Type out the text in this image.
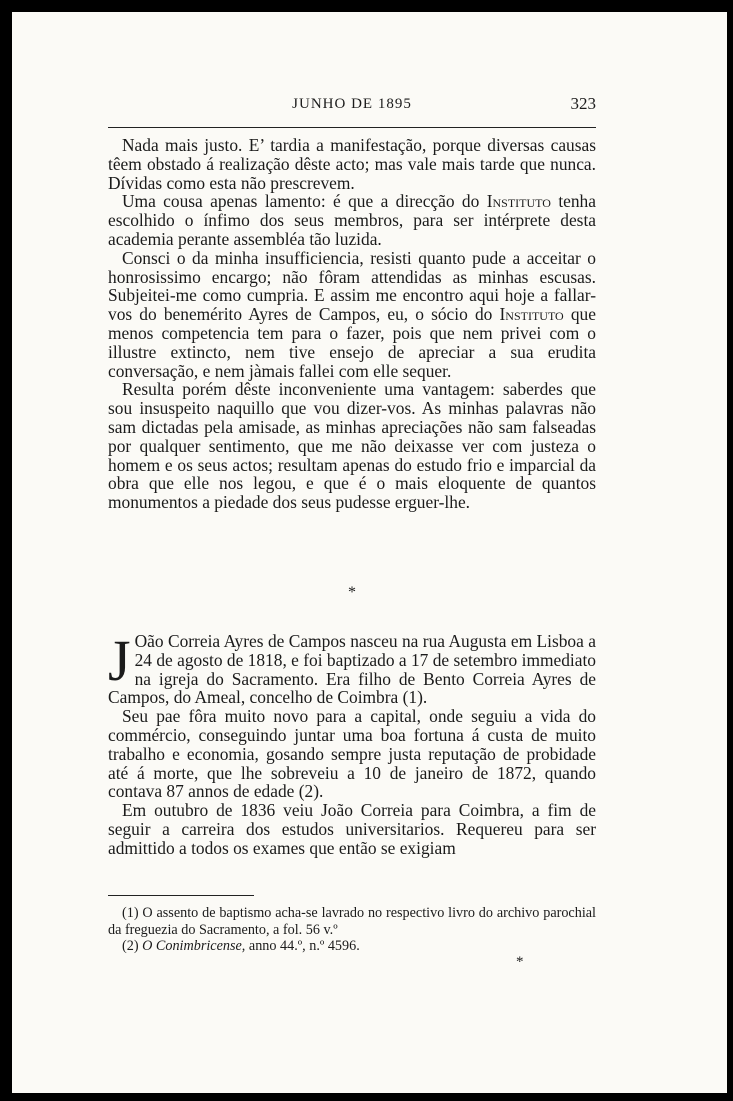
JUNHO DE 1895	323

Nada mais justo. E’ tardia a manifestação, porque diversas causas têem obstado á realização dêste acto; mas vale mais tarde que nunca. Dívidas como esta não prescrevem.

Uma cousa apenas lamento: é que a direcção do Instituto tenha escolhido o ínfimo dos seus membros, para ser intérprete desta academia perante assembléa tão luzida.

Consci o da minha insufficiencia, resisti quanto pude a acceitar o honrosissimo encargo; não fôram attendidas as minhas escusas. Subjeitei-me como cumpria. E assim me encontro aqui hoje a fallar-vos do benemérito Ayres de Campos, eu, o sócio do Instituto que menos competencia tem para o fazer, pois que nem privei com o illustre extincto, nem tive ensejo de apreciar a sua erudita conversação, e nem jàmais fallei com elle sequer.

Resulta porém dêste inconveniente uma vantagem: saberdes que sou insuspeito naquillo que vou dizer-vos. As minhas palavras não sam dictadas pela amisade, as minhas apreciações não sam falseadas por qualquer sentimento, que me não deixasse ver com justeza o homem e os seus actos; resultam apenas do estudo frio e imparcial da obra que elle nos legou, e que é o mais eloquente de quantos monumentos a piedade dos seus pudesse erguer-lhe.

*

J Oão Correia Ayres de Campos nasceu na rua Augusta em Lisboa a 24 de agosto de 1818, e foi baptizado a 17 de setembro immediato na igreja do Sacramento. Era filho de Bento Correia Ayres de Campos, do Ameal, concelho de Coimbra (1).

Seu pae fôra muito novo para a capital, onde seguiu a vida do commércio, conseguindo juntar uma boa fortuna á custa de muito trabalho e economia, gosando sempre justa reputação de probidade até á morte, que lhe sobreveiu a 10 de janeiro de 1872, quando contava 87 annos de edade (2).

Em outubro de 1836 veiu João Correia para Coimbra, a fim de seguir a carreira dos estudos universitarios. Requereu para ser admittido a todos os exames que então se exigiam

(1) O assento de baptismo acha-se lavrado no respectivo livro do archivo parochial da freguezia do Sacramento, a fol. 56 v.º

(2) O Conimbricense, anno 44.º, n.º 4596.

*
